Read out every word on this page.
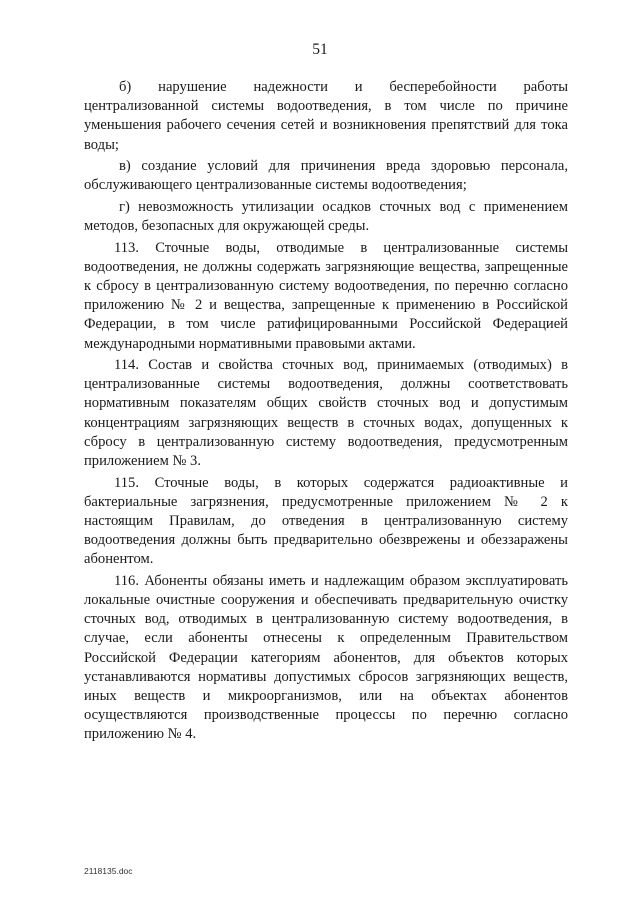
51

б) нарушение надежности и бесперебойности работы централизованной системы водоотведения, в том числе по причине уменьшения рабочего сечения сетей и возникновения препятствий для тока воды;

в) создание условий для причинения вреда здоровью персонала, обслуживающего централизованные системы водоотведения;

г) невозможность утилизации осадков сточных вод с применением методов, безопасных для окружающей среды.

113. Сточные воды, отводимые в централизованные системы водоотведения, не должны содержать загрязняющие вещества, запрещенные к сбросу в централизованную систему водоотведения, по перечню согласно приложению № 2 и вещества, запрещенные к применению в Российской Федерации, в том числе ратифицированными Российской Федерацией международными нормативными правовыми актами.

114. Состав и свойства сточных вод, принимаемых (отводимых) в централизованные системы водоотведения, должны соответствовать нормативным показателям общих свойств сточных вод и допустимым концентрациям загрязняющих веществ в сточных водах, допущенных к сбросу в централизованную систему водоотведения, предусмотренным приложением № 3.

115. Сточные воды, в которых содержатся радиоактивные и бактериальные загрязнения, предусмотренные приложением № 2 к настоящим Правилам, до отведения в централизованную систему водоотведения должны быть предварительно обезврежены и обеззаражены абонентом.

116. Абоненты обязаны иметь и надлежащим образом эксплуатировать локальные очистные сооружения и обеспечивать предварительную очистку сточных вод, отводимых в централизованную систему водоотведения, в случае, если абоненты отнесены к определенным Правительством Российской Федерации категориям абонентов, для объектов которых устанавливаются нормативы допустимых сбросов загрязняющих веществ, иных веществ и микроорганизмов, или на объектах абонентов осуществляются производственные процессы по перечню согласно приложению № 4.

2118135.doc
